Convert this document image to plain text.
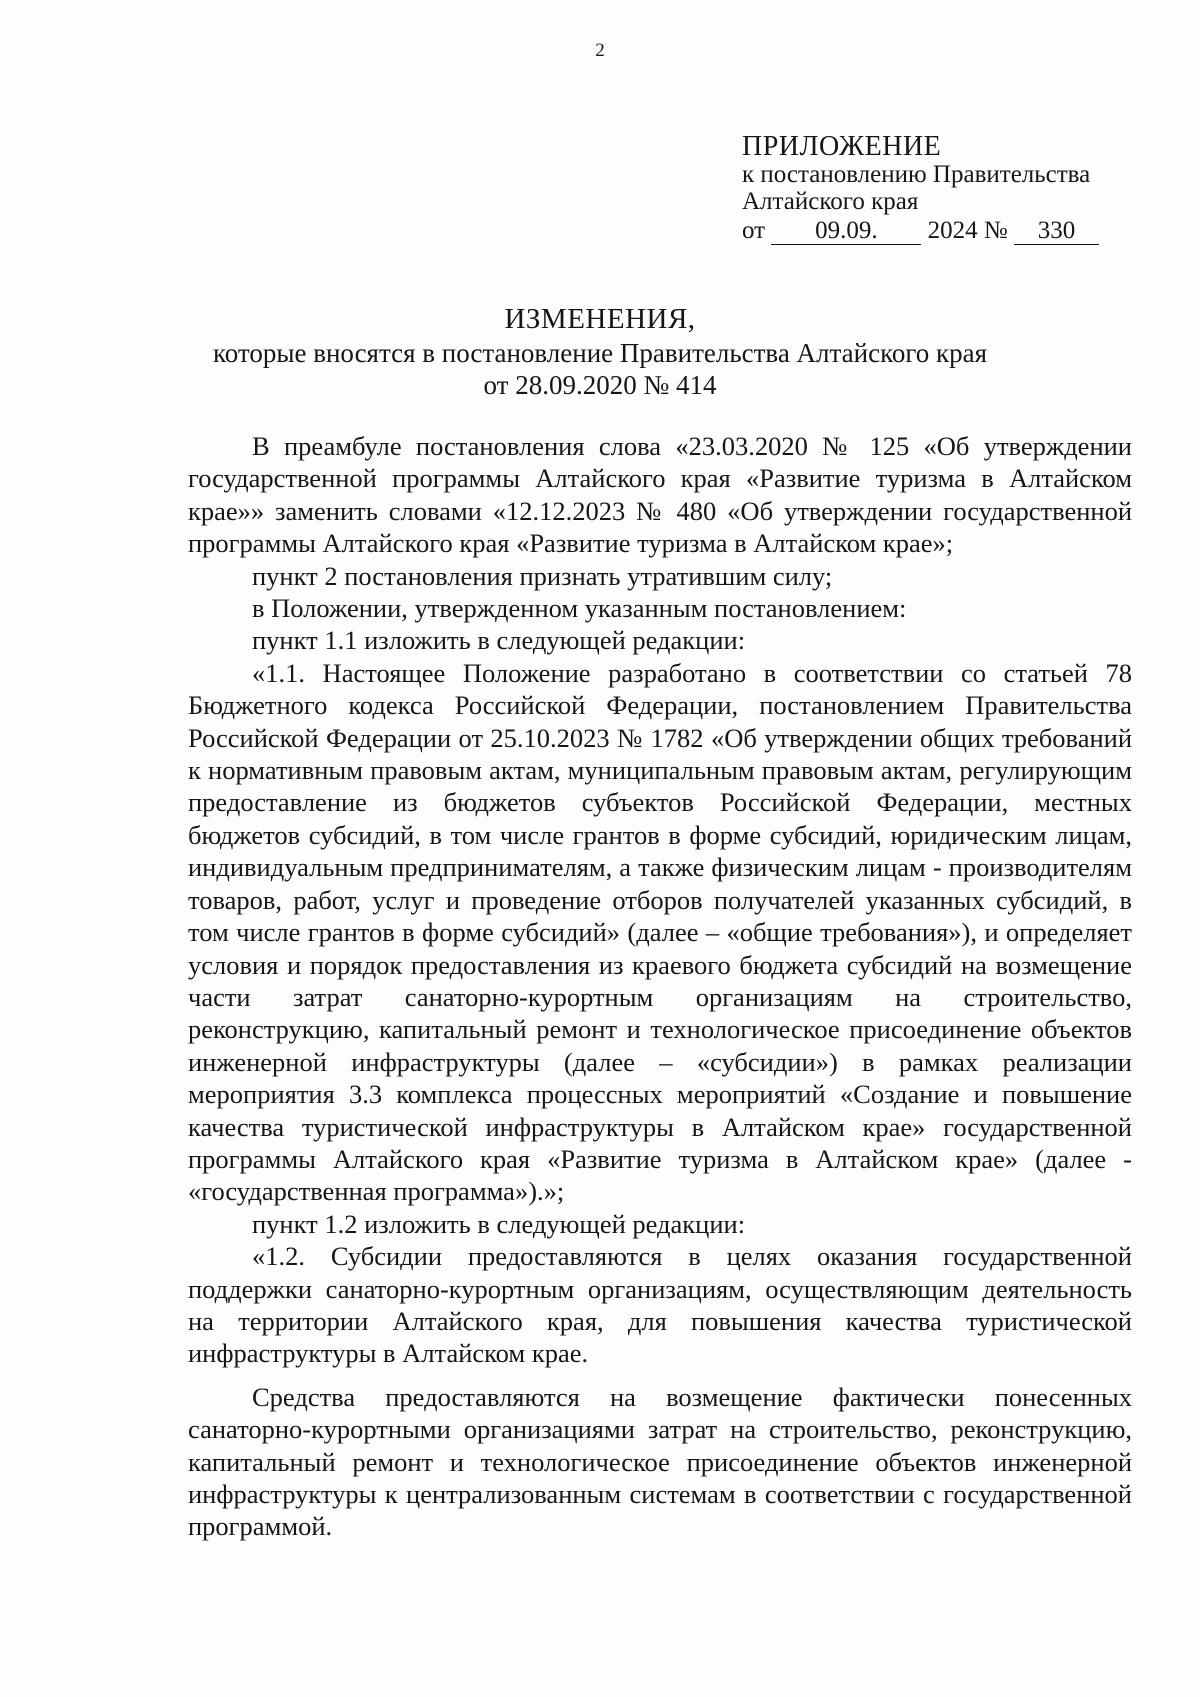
2
ПРИЛОЖЕНИЕ
к постановлению Правительства
Алтайского края
от 09.09. 2024 № 330
ИЗМЕНЕНИЯ,
которые вносятся в постановление Правительства Алтайского края
от 28.09.2020 № 414

В преамбуле постановления слова «23.03.2020 № 125 «Об утверждении государственной программы Алтайского края «Развитие туризма в Алтайском крае»» заменить словами «12.12.2023 № 480 «Об утверждении государственной программы Алтайского края «Развитие туризма в Алтайском крае»;

пункт 2 постановления признать утратившим силу;

в Положении, утвержденном указанным постановлением:

пункт 1.1 изложить в следующей редакции:

«1.1. Настоящее Положение разработано в соответствии со статьей 78 Бюджетного кодекса Российской Федерации, постановлением Правительства Российской Федерации от 25.10.2023 № 1782 «Об утверждении общих требований к нормативным правовым актам, муниципальным правовым актам, регулирующим предоставление из бюджетов субъектов Российской Федерации, местных бюджетов субсидий, в том числе грантов в форме субсидий, юридическим лицам, индивидуальным предпринимателям, а также физическим лицам - производителям товаров, работ, услуг и проведение отборов получателей указанных субсидий, в том числе грантов в форме субсидий» (далее – «общие требования»), и определяет условия и порядок предоставления из краевого бюджета субсидий на возмещение части затрат санаторно-курортным организациям на строительство, реконструкцию, капитальный ремонт и технологическое присоединение объектов инженерной инфраструктуры (далее – «субсидии») в рамках реализации мероприятия 3.3 комплекса процессных мероприятий «Создание и повышение качества туристической инфраструктуры в Алтайском крае» государственной программы Алтайского края «Развитие туризма в Алтайском крае» (далее - «государственная программа»).»;

пункт 1.2 изложить в следующей редакции:

«1.2. Субсидии предоставляются в целях оказания государственной поддержки санаторно-курортным организациям, осуществляющим деятельность на территории Алтайского края, для повышения качества туристической инфраструктуры в Алтайском крае.

Средства предоставляются на возмещение фактически понесенных санаторно-курортными организациями затрат на строительство, реконструкцию, капитальный ремонт и технологическое присоединение объектов инженерной инфраструктуры к централизованным системам в соответствии с государственной программой.
